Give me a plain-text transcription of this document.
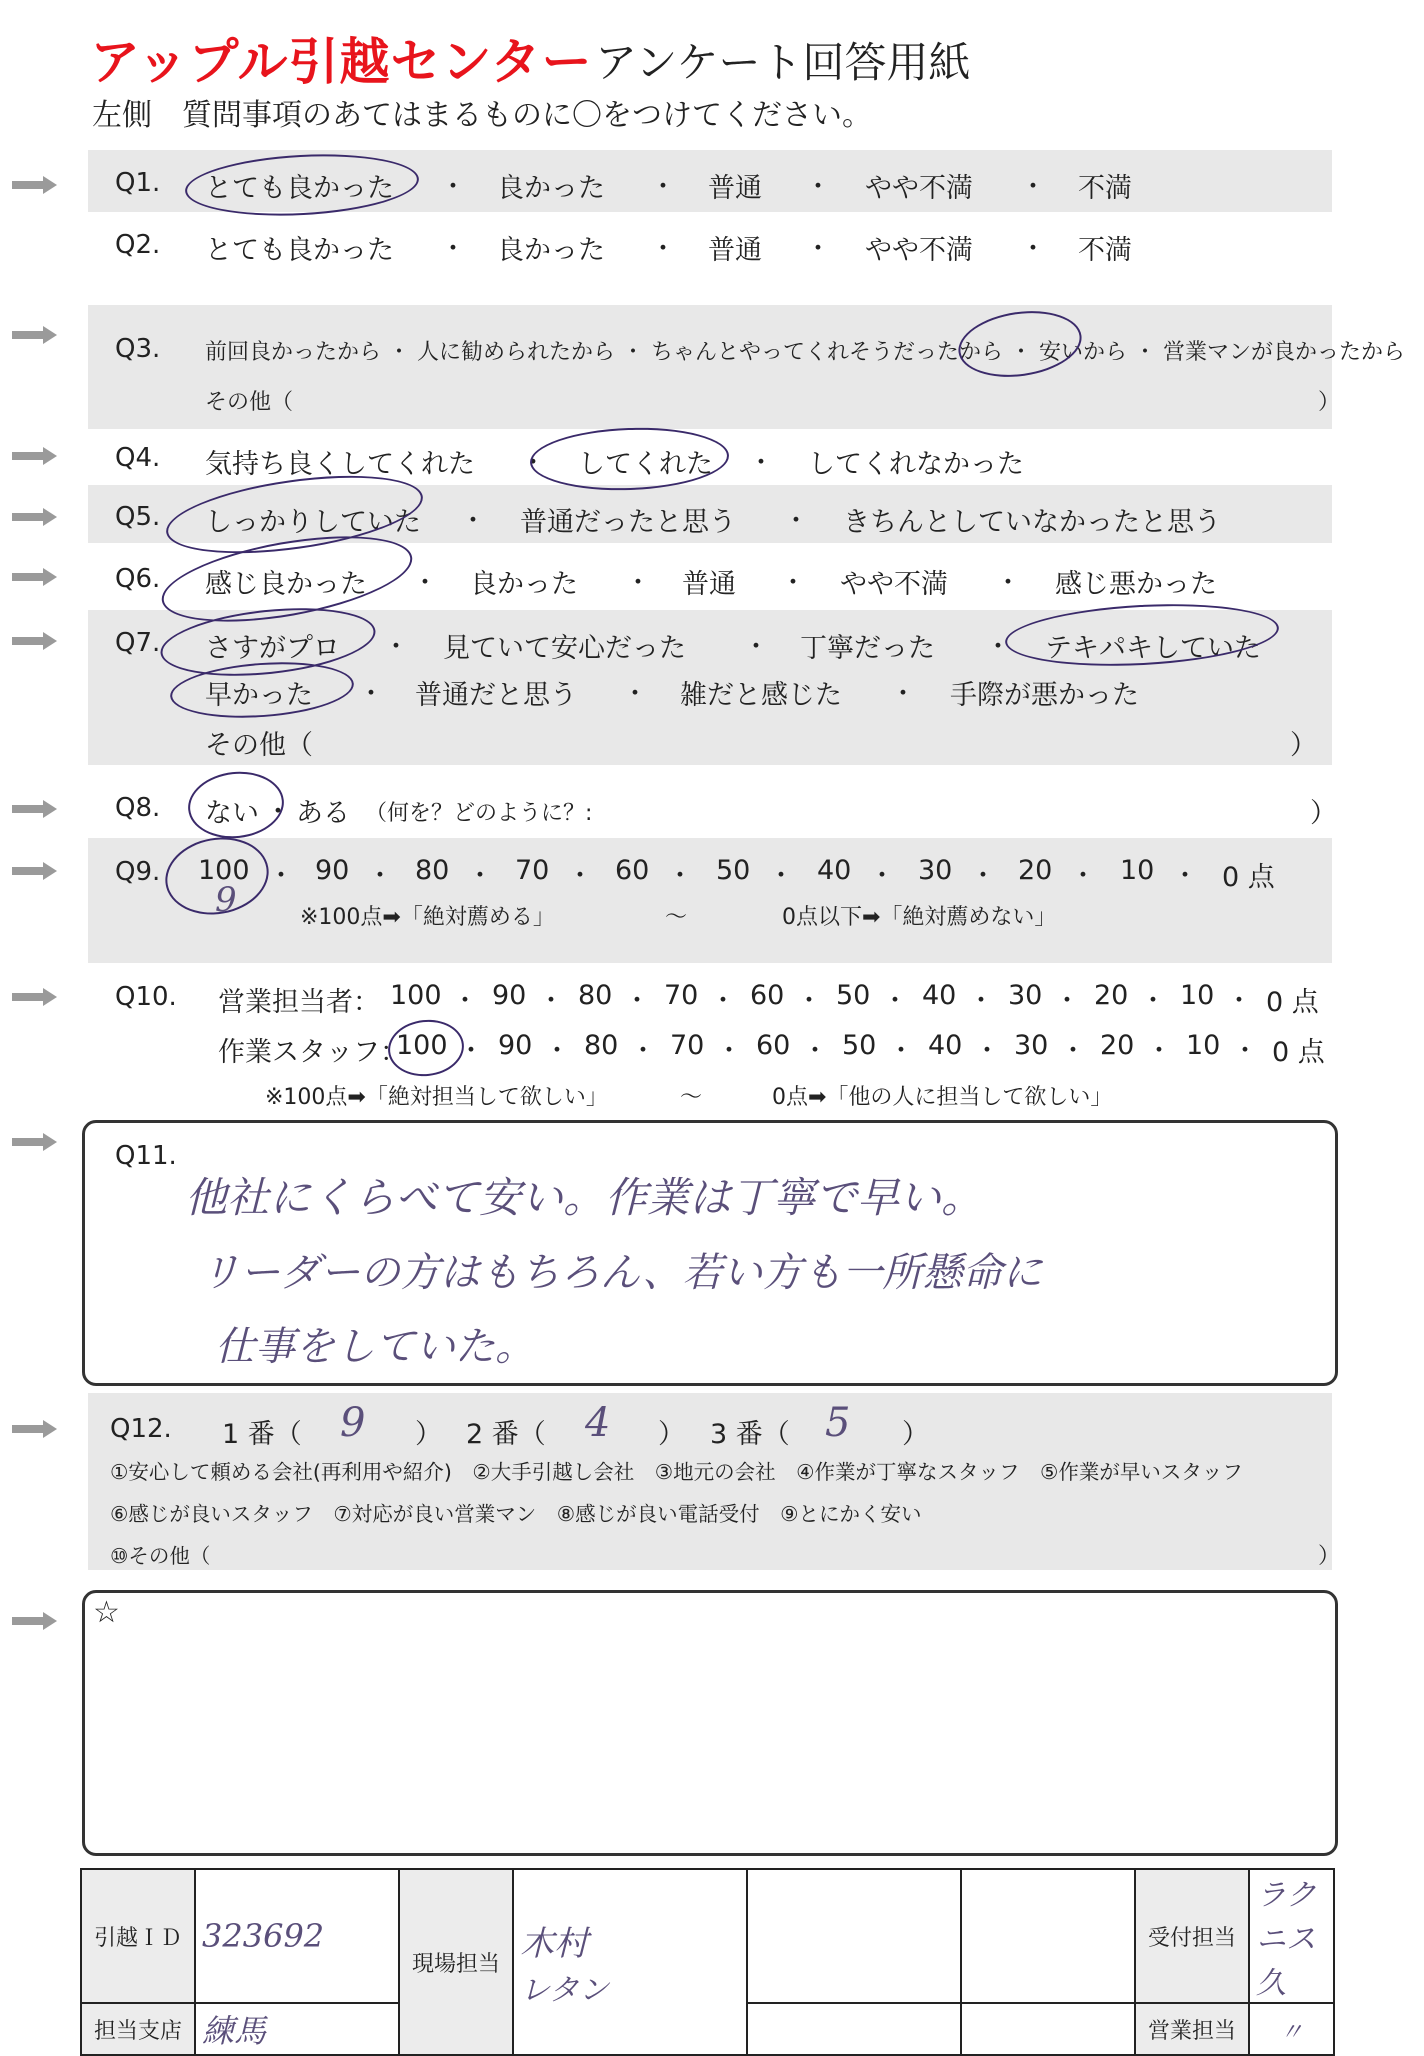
アップル引越センター アンケート回答用紙
左側　質問事項のあてはまるものに〇をつけてください。
Q1. とても良かった ・ 良かった ・ 普通 ・ やや不満 ・ 不満
Q2. とても良かった ・ 良かった ・ 普通 ・ やや不満 ・ 不満
Q3. 前回良かったから ・ 人に勧められたから ・ ちゃんとやってくれそうだったから ・ 安いから ・ 営業マンが良かったから
その他（	）
Q4. 気持ち良くしてくれた ・ してくれた ・ してくれなかった
Q5. しっかりしていた ・ 普通だったと思う ・ きちんとしていなかったと思う
Q6. 感じ良かった ・ 良かった ・ 普通 ・ やや不満 ・ 感じ悪かった
Q7. さすがプロ ・ 見ていて安心だった ・ 丁寧だった ・ テキパキしていた
早かった ・ 普通だと思う ・ 雑だと感じた ・ 手際が悪かった
その他（	）
Q8. ない ・ ある （何を？どのように？:	）
Q9. 100 ・ 90 ・ 80 ・ 70 ・ 60 ・ 50 ・ 40 ・ 30 ・ 20 ・ 10 ・ 0 点
※100点➡「絶対薦める」	～	0点以下➡「絶対薦めない」
9
Q10. 営業担当者： 100 ・ 90 ・ 80 ・ 70 ・ 60 ・ 50 ・ 40 ・ 30 ・ 20 ・ 10 ・ 0 点
作業スタッフ：
100 ・ 90 ・ 80 ・ 70 ・ 60 ・ 50 ・ 40 ・ 30 ・ 20 ・ 10 ・ 0 点
※100点➡「絶対担当して欲しい」	～	0点➡「他の人に担当して欲しい」
Q11.
他社にくらべて安い。作業は丁寧で早い。
リーダーの方はもちろん、若い方も一所懸命に
仕事をしていた。
Q12. 1 番（ 9 ） 2 番（ 4 ） 3 番（ 5 ）
①安心して頼める会社(再利用や紹介)　②大手引越し会社　③地元の会社　④作業が丁寧なスタッフ　⑤作業が早いスタッフ
⑥感じが良いスタッフ　⑦対応が良い営業マン　⑧感じが良い電話受付　⑨とにかく安い
⑩その他（	）
☆
引越ＩＤ	323692	現場担当	木村
レタン			受付担当	ラクニス久
担当支店	練馬					営業担当	〃
